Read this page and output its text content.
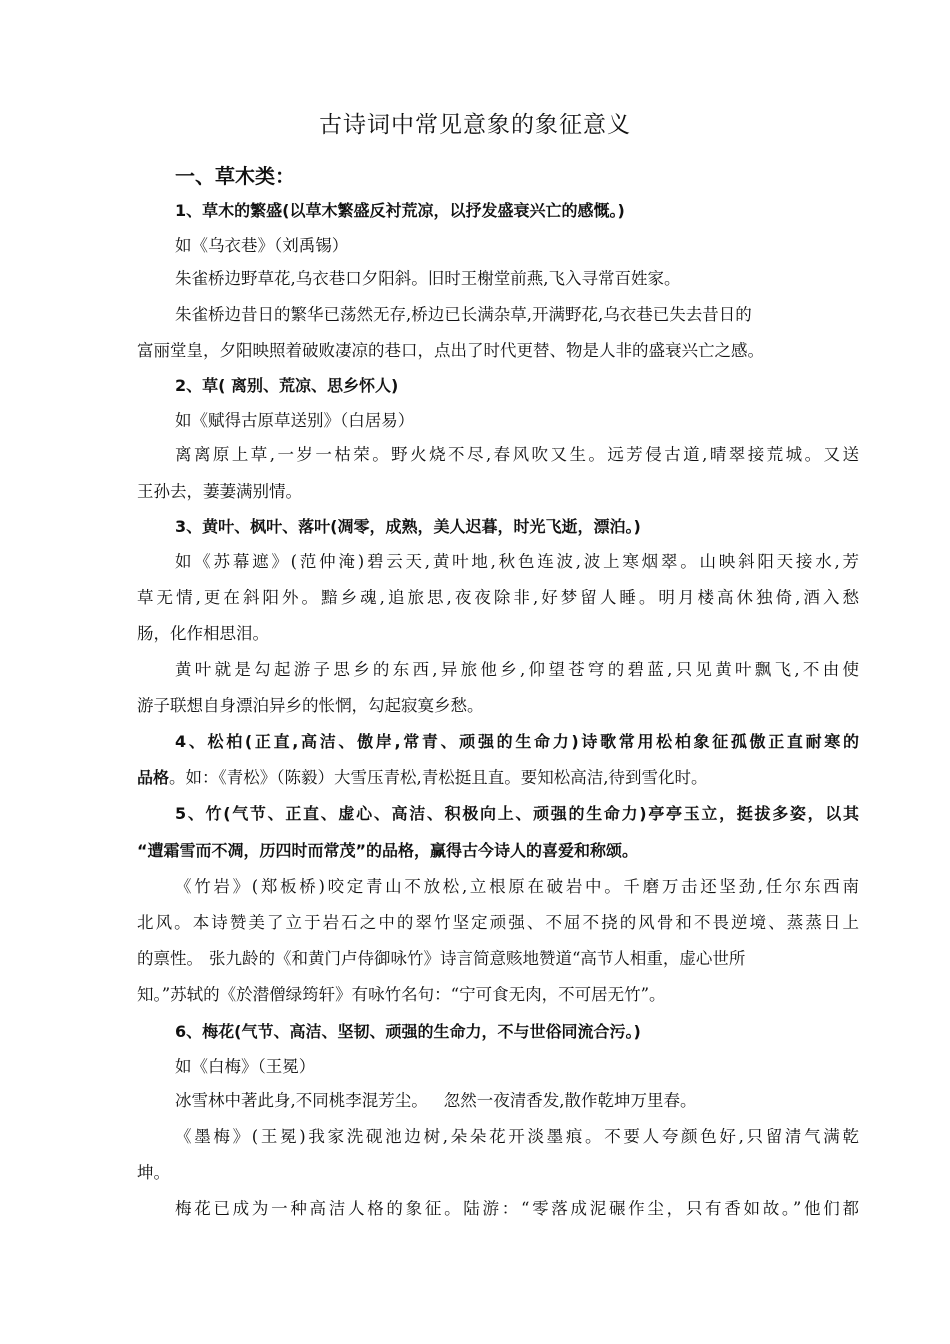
古诗词中常见意象的象征意义
一、草木类：
1、草木的繁盛(以草木繁盛反衬荒凉，以抒发盛衰兴亡的感慨。)
如《乌衣巷》（刘禹锡）
朱雀桥边野草花,乌衣巷口夕阳斜。旧时王榭堂前燕,飞入寻常百姓家。
朱雀桥边昔日的繁华已荡然无存,桥边已长满杂草,开满野花,乌衣巷已失去昔日的
富丽堂皇，夕阳映照着破败凄凉的巷口，点出了时代更替、物是人非的盛衰兴亡之感。
2、草( 离别、荒凉、思乡怀人)
如《赋得古原草送别》（白居易）
离离原上草,一岁一枯荣。野火烧不尽,春风吹又生。远芳侵古道,晴翠接荒城。又送
王孙去，萋萋满别情。
3、黄叶、枫叶、落叶(凋零，成熟，美人迟暮，时光飞逝，漂泊。)
如《苏幕遮》(范仲淹)碧云天,黄叶地,秋色连波,波上寒烟翠。山映斜阳天接水,芳
草无情,更在斜阳外。黯乡魂,追旅思,夜夜除非,好梦留人睡。明月楼高休独倚,酒入愁
肠，化作相思泪。
黄叶就是勾起游子思乡的东西,异旅他乡,仰望苍穹的碧蓝,只见黄叶飘飞,不由使
游子联想自身漂泊异乡的怅惘，勾起寂寞乡愁。
4、松柏(正直,高洁、傲岸,常青、顽强的生命力)诗歌常用松柏象征孤傲正直耐寒的
品格。如：《青松》（陈毅）大雪压青松,青松挺且直。要知松高洁,待到雪化时。
5、竹(气节、正直、虚心、高洁、积极向上、顽强的生命力)亭亭玉立，挺拔多姿，以其
“遭霜雪而不凋，历四时而常茂”的品格，赢得古今诗人的喜爱和称颂。
《竹岩》(郑板桥)咬定青山不放松,立根原在破岩中。千磨万击还坚劲,任尔东西南
北风。本诗赞美了立于岩石之中的翠竹坚定顽强、不屈不挠的风骨和不畏逆境、蒸蒸日上
的禀性。 张九龄的《和黄门卢侍御咏竹》诗言简意赅地赞道“高节人相重，虚心世所
知。”苏轼的《於潜僧绿筠轩》有咏竹名句：“宁可食无肉，不可居无竹”。
6、梅花(气节、高洁、坚韧、顽强的生命力，不与世俗同流合污。)
如《白梅》（王冕）
冰雪林中著此身,不同桃李混芳尘。 忽然一夜清香发,散作乾坤万里春。
《墨梅》(王冕)我家洗砚池边树,朵朵花开淡墨痕。不要人夸颜色好,只留清气满乾
坤。
梅花已成为一种高洁人格的象征。陆游：“零落成泥碾作尘，只有香如故。”他们都
